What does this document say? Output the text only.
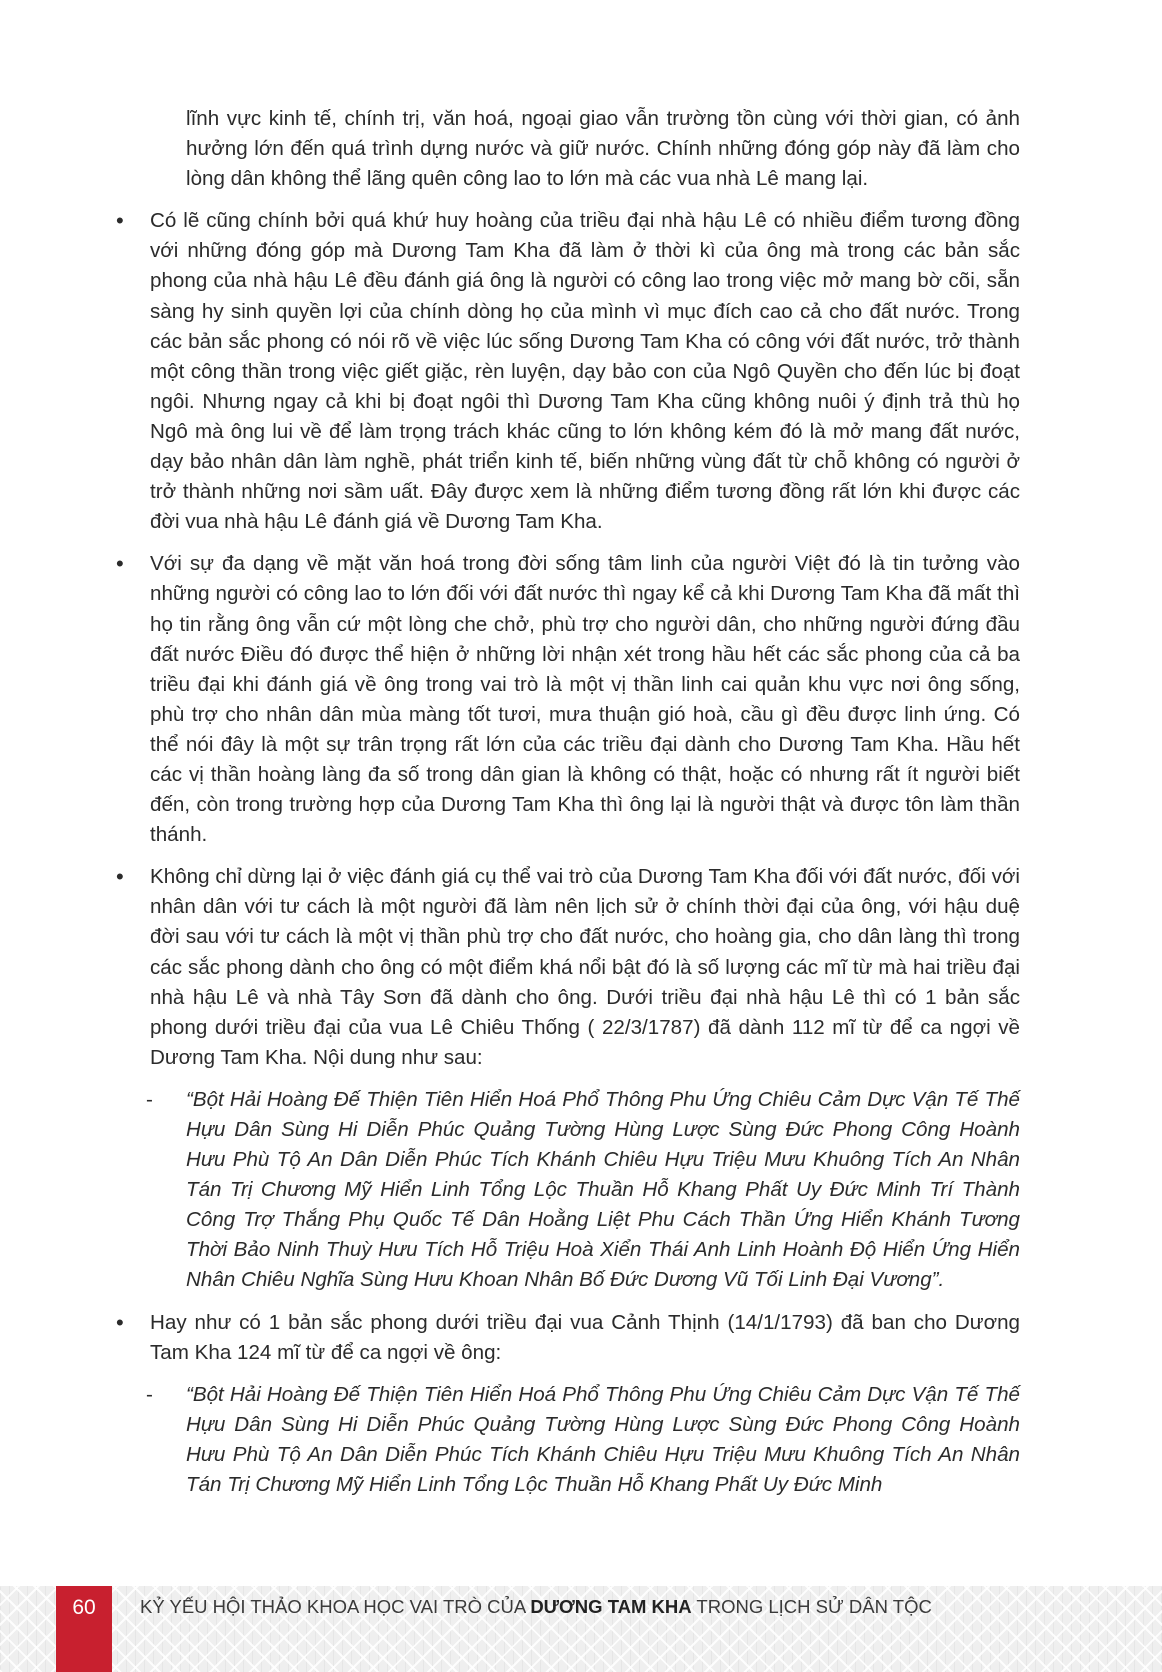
lĩnh vực kinh tế, chính trị, văn hoá, ngoại giao vẫn trường tồn cùng với thời gian, có ảnh hưởng lớn đến quá trình dựng nước và giữ nước. Chính những đóng góp này đã làm cho lòng dân không thể lãng quên công lao to lớn mà các vua nhà Lê mang lại.

•	Có lẽ cũng chính bởi quá khứ huy hoàng của triều đại nhà hậu Lê có nhiều điểm tương đồng với những đóng góp mà Dương Tam Kha đã làm ở thời kì của ông mà trong các bản sắc phong của nhà hậu Lê đều đánh giá ông là người có công lao trong việc mở mang bờ cõi, sẵn sàng hy sinh quyền lợi của chính dòng họ của mình vì mục đích cao cả cho đất nước. Trong các bản sắc phong có nói rõ về việc lúc sống Dương Tam Kha có công với đất nước, trở thành một công thần trong việc giết giặc, rèn luyện, dạy bảo con của Ngô Quyền cho đến lúc bị đoạt ngôi. Nhưng ngay cả khi bị đoạt ngôi thì Dương Tam Kha cũng không nuôi ý định trả thù họ Ngô mà ông lui về để làm trọng trách khác cũng to lớn không kém đó là mở mang đất nước, dạy bảo nhân dân làm nghề, phát triển kinh tế, biến những vùng đất từ chỗ không có người ở trở thành những nơi sầm uất. Đây được xem là những điểm tương đồng rất lớn khi được các đời vua nhà hậu Lê đánh giá về Dương Tam Kha.
•	Với sự đa dạng về mặt văn hoá trong đời sống tâm linh của người Việt đó là tin tưởng vào những người có công lao to lớn đối với đất nước thì ngay kể cả khi Dương Tam Kha đã mất thì họ tin rằng ông vẫn cứ một lòng che chở, phù trợ cho người dân, cho những người đứng đầu đất nước Điều đó được thể hiện ở những lời nhận xét trong hầu hết các sắc phong của cả ba triều đại khi đánh giá về ông trong vai trò là một vị thần linh cai quản khu vực nơi ông sống, phù trợ cho nhân dân mùa màng tốt tươi, mưa thuận gió hoà, cầu gì đều được linh ứng. Có thể nói đây là một sự trân trọng rất lớn của các triều đại dành cho Dương Tam Kha. Hầu hết các vị thần hoàng làng đa số trong dân gian là không có thật, hoặc có nhưng rất ít người biết đến, còn trong trường hợp của Dương Tam Kha thì ông lại là người thật và được tôn làm thần thánh.
•	Không chỉ dừng lại ở việc đánh giá cụ thể vai trò của Dương Tam Kha đối với đất nước, đối với nhân dân với tư cách là một người đã làm nên lịch sử ở chính thời đại của ông, với hậu duệ đời sau với tư cách là một vị thần phù trợ cho đất nước, cho hoàng gia, cho dân làng thì trong các sắc phong dành cho ông có một điểm khá nổi bật đó là số lượng các mĩ từ mà hai triều đại nhà hậu Lê và nhà Tây Sơn đã dành cho ông. Dưới triều đại nhà hậu Lê thì có 1 bản sắc phong dưới triều đại của vua Lê Chiêu Thống ( 22/3/1787) đã dành 112 mĩ từ để ca ngợi về Dương Tam Kha. Nội dung như sau:
- “Bột Hải Hoàng Đế Thiện Tiên Hiển Hoá Phổ Thông Phu Ứng Chiêu Cảm Dực Vận Tế Thế Hựu Dân Sùng Hi Diễn Phúc Quảng Tường Hùng Lược Sùng Đức Phong Công Hoành Hưu Phù Tộ An Dân Diễn Phúc Tích Khánh Chiêu Hựu Triệu Mưu Khuông Tích An Nhân Tán Trị Chương Mỹ Hiển Linh Tổng Lộc Thuần Hỗ Khang Phất Uy Đức Minh Trí Thành Công Trợ Thắng Phụ Quốc Tế Dân Hoằng Liệt Phu Cách Thần Ứng Hiển Khánh Tương Thời Bảo Ninh Thuỳ Hưu Tích Hỗ Triệu Hoà Xiển Thái Anh Linh Hoành Độ Hiển Ứng Hiển Nhân Chiêu Nghĩa Sùng Hưu Khoan Nhân Bố Đức Dương Vũ Tối Linh Đại Vương”.
•	Hay như có 1 bản sắc phong dưới triều đại vua Cảnh Thịnh (14/1/1793) đã ban cho Dương Tam Kha 124 mĩ từ để ca ngợi về ông:
- “Bột Hải Hoàng Đế Thiện Tiên Hiển Hoá Phổ Thông Phu Ứng Chiêu Cảm Dực Vận Tế Thế Hựu Dân Sùng Hi Diễn Phúc Quảng Tường Hùng Lược Sùng Đức Phong Công Hoành Hưu Phù Tộ An Dân Diễn Phúc Tích Khánh Chiêu Hựu Triệu Mưu Khuông Tích An Nhân Tán Trị Chương Mỹ Hiển Linh Tổng Lộc Thuần Hỗ Khang Phất Uy Đức Minh
60	KỶ YẾU HỘI THẢO KHOA HỌC VAI TRÒ CỦA DƯƠNG TAM KHA TRONG LỊCH SỬ DÂN TỘC
